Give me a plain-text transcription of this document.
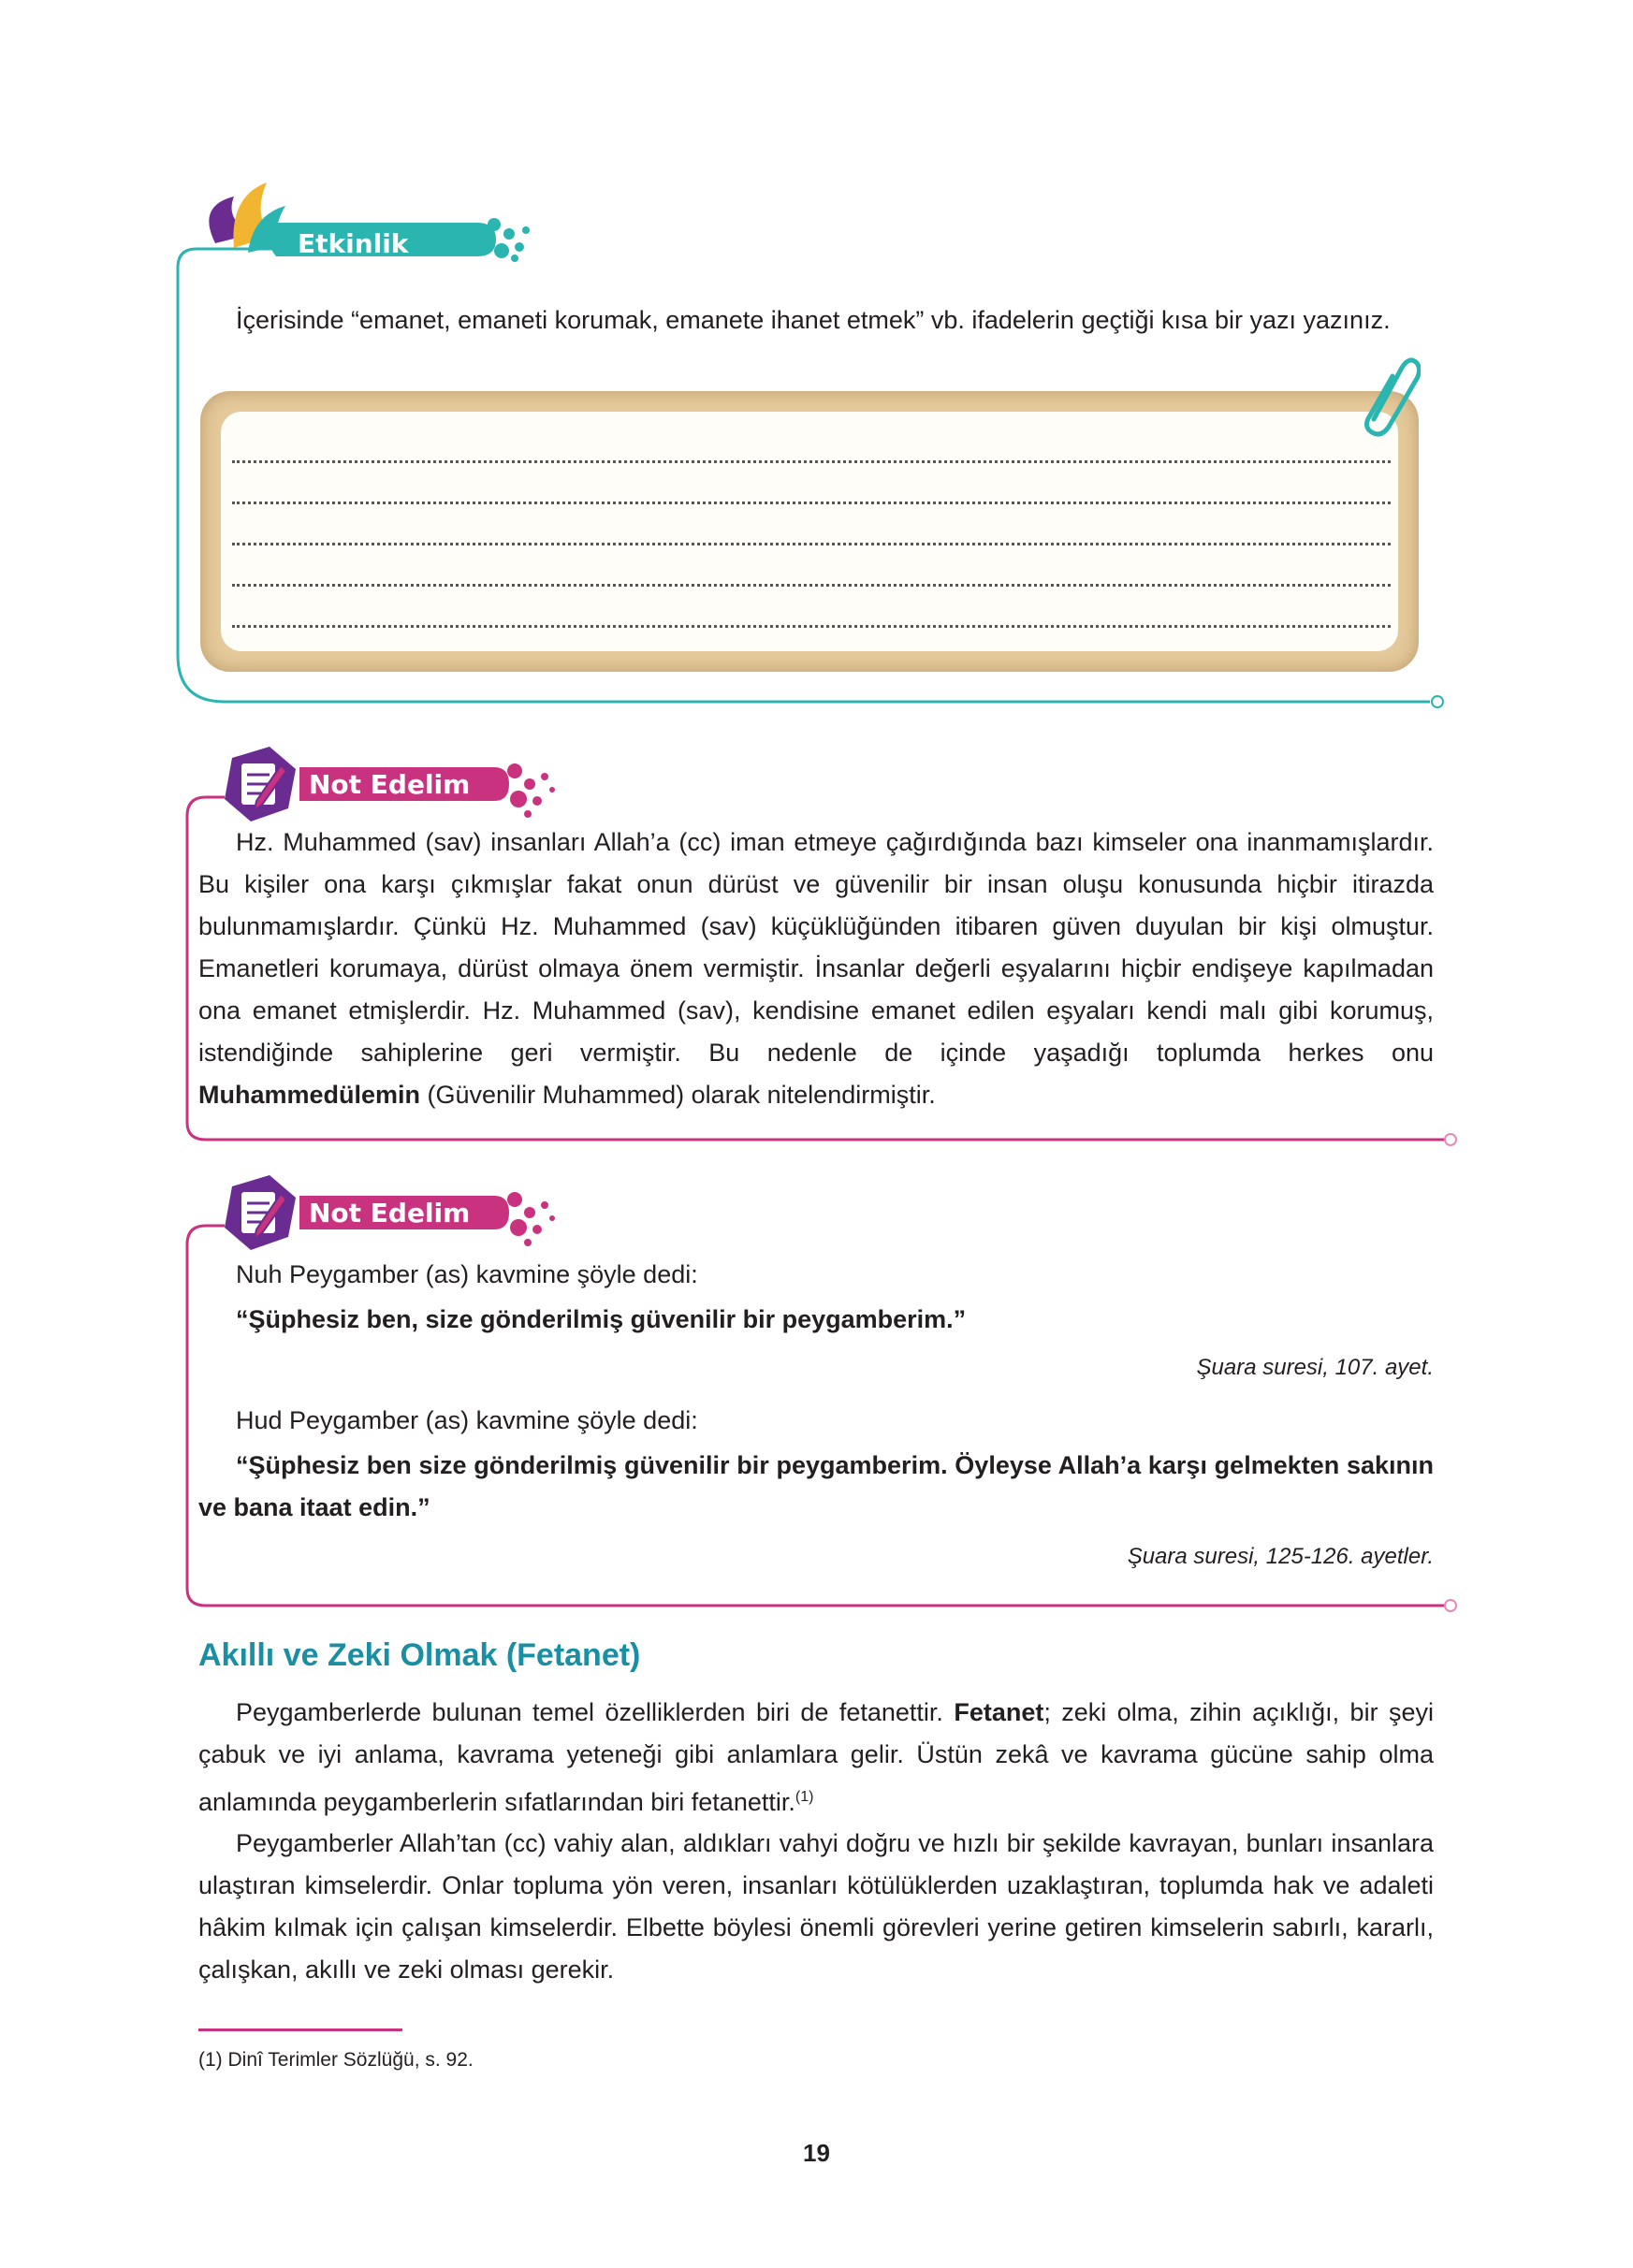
Etkinlik

İçerisinde “emanet, emaneti korumak, emanete ihanet etmek” vb. ifadelerin geçtiği kısa bir yazı yazınız.

Not Edelim

Hz. Muhammed (sav) insanları Allah’a (cc) iman etmeye çağırdığında bazı kimseler ona inanmamışlardır. Bu kişiler ona karşı çıkmışlar fakat onun dürüst ve güvenilir bir insan oluşu konusunda hiçbir itirazda bulunmamışlardır. Çünkü Hz. Muhammed (sav) küçüklüğünden itibaren güven duyulan bir kişi olmuştur. Emanetleri korumaya, dürüst olmaya önem vermiştir. İnsanlar değerli eşyalarını hiçbir endişeye kapılmadan ona emanet etmişlerdir. Hz. Muhammed (sav), kendisine emanet edilen eşyaları kendi malı gibi korumuş, istendiğinde sahiplerine geri vermiştir. Bu nedenle de içinde yaşadığı toplumda herkes onu Muhammedülemin (Güvenilir Muhammed) olarak nitelendirmiştir.

Not Edelim

Nuh Peygamber (as) kavmine şöyle dedi:

“Şüphesiz ben, size gönderilmiş güvenilir bir peygamberim.”

Şuara suresi, 107. ayet.

Hud Peygamber (as) kavmine şöyle dedi:

“Şüphesiz ben size gönderilmiş güvenilir bir peygamberim. Öyleyse Allah’a karşı gelmekten sakının ve bana itaat edin.”

Şuara suresi, 125-126. ayetler.
Akıllı ve Zeki Olmak (Fetanet)

Peygamberlerde bulunan temel özelliklerden biri de fetanettir. Fetanet; zeki olma, zihin açıklığı, bir şeyi çabuk ve iyi anlama, kavrama yeteneği gibi anlamlara gelir. Üstün zekâ ve kavrama gücüne sahip olma anlamında peygamberlerin sıfatlarından biri fetanettir.$^{(1)}$

Peygamberler Allah’tan (cc) vahiy alan, aldıkları vahyi doğru ve hızlı bir şekilde kavrayan, bunları insanlara ulaştıran kimselerdir. Onlar topluma yön veren, insanları kötülüklerden uzaklaştıran, toplumda hak ve adaleti hâkim kılmak için çalışan kimselerdir. Elbette böylesi önemli görevleri yerine getiren kimselerin sabırlı, kararlı, çalışkan, akıllı ve zeki olması gerekir.

(1) Dinî Terimler Sözlüğü, s. 92.
19
